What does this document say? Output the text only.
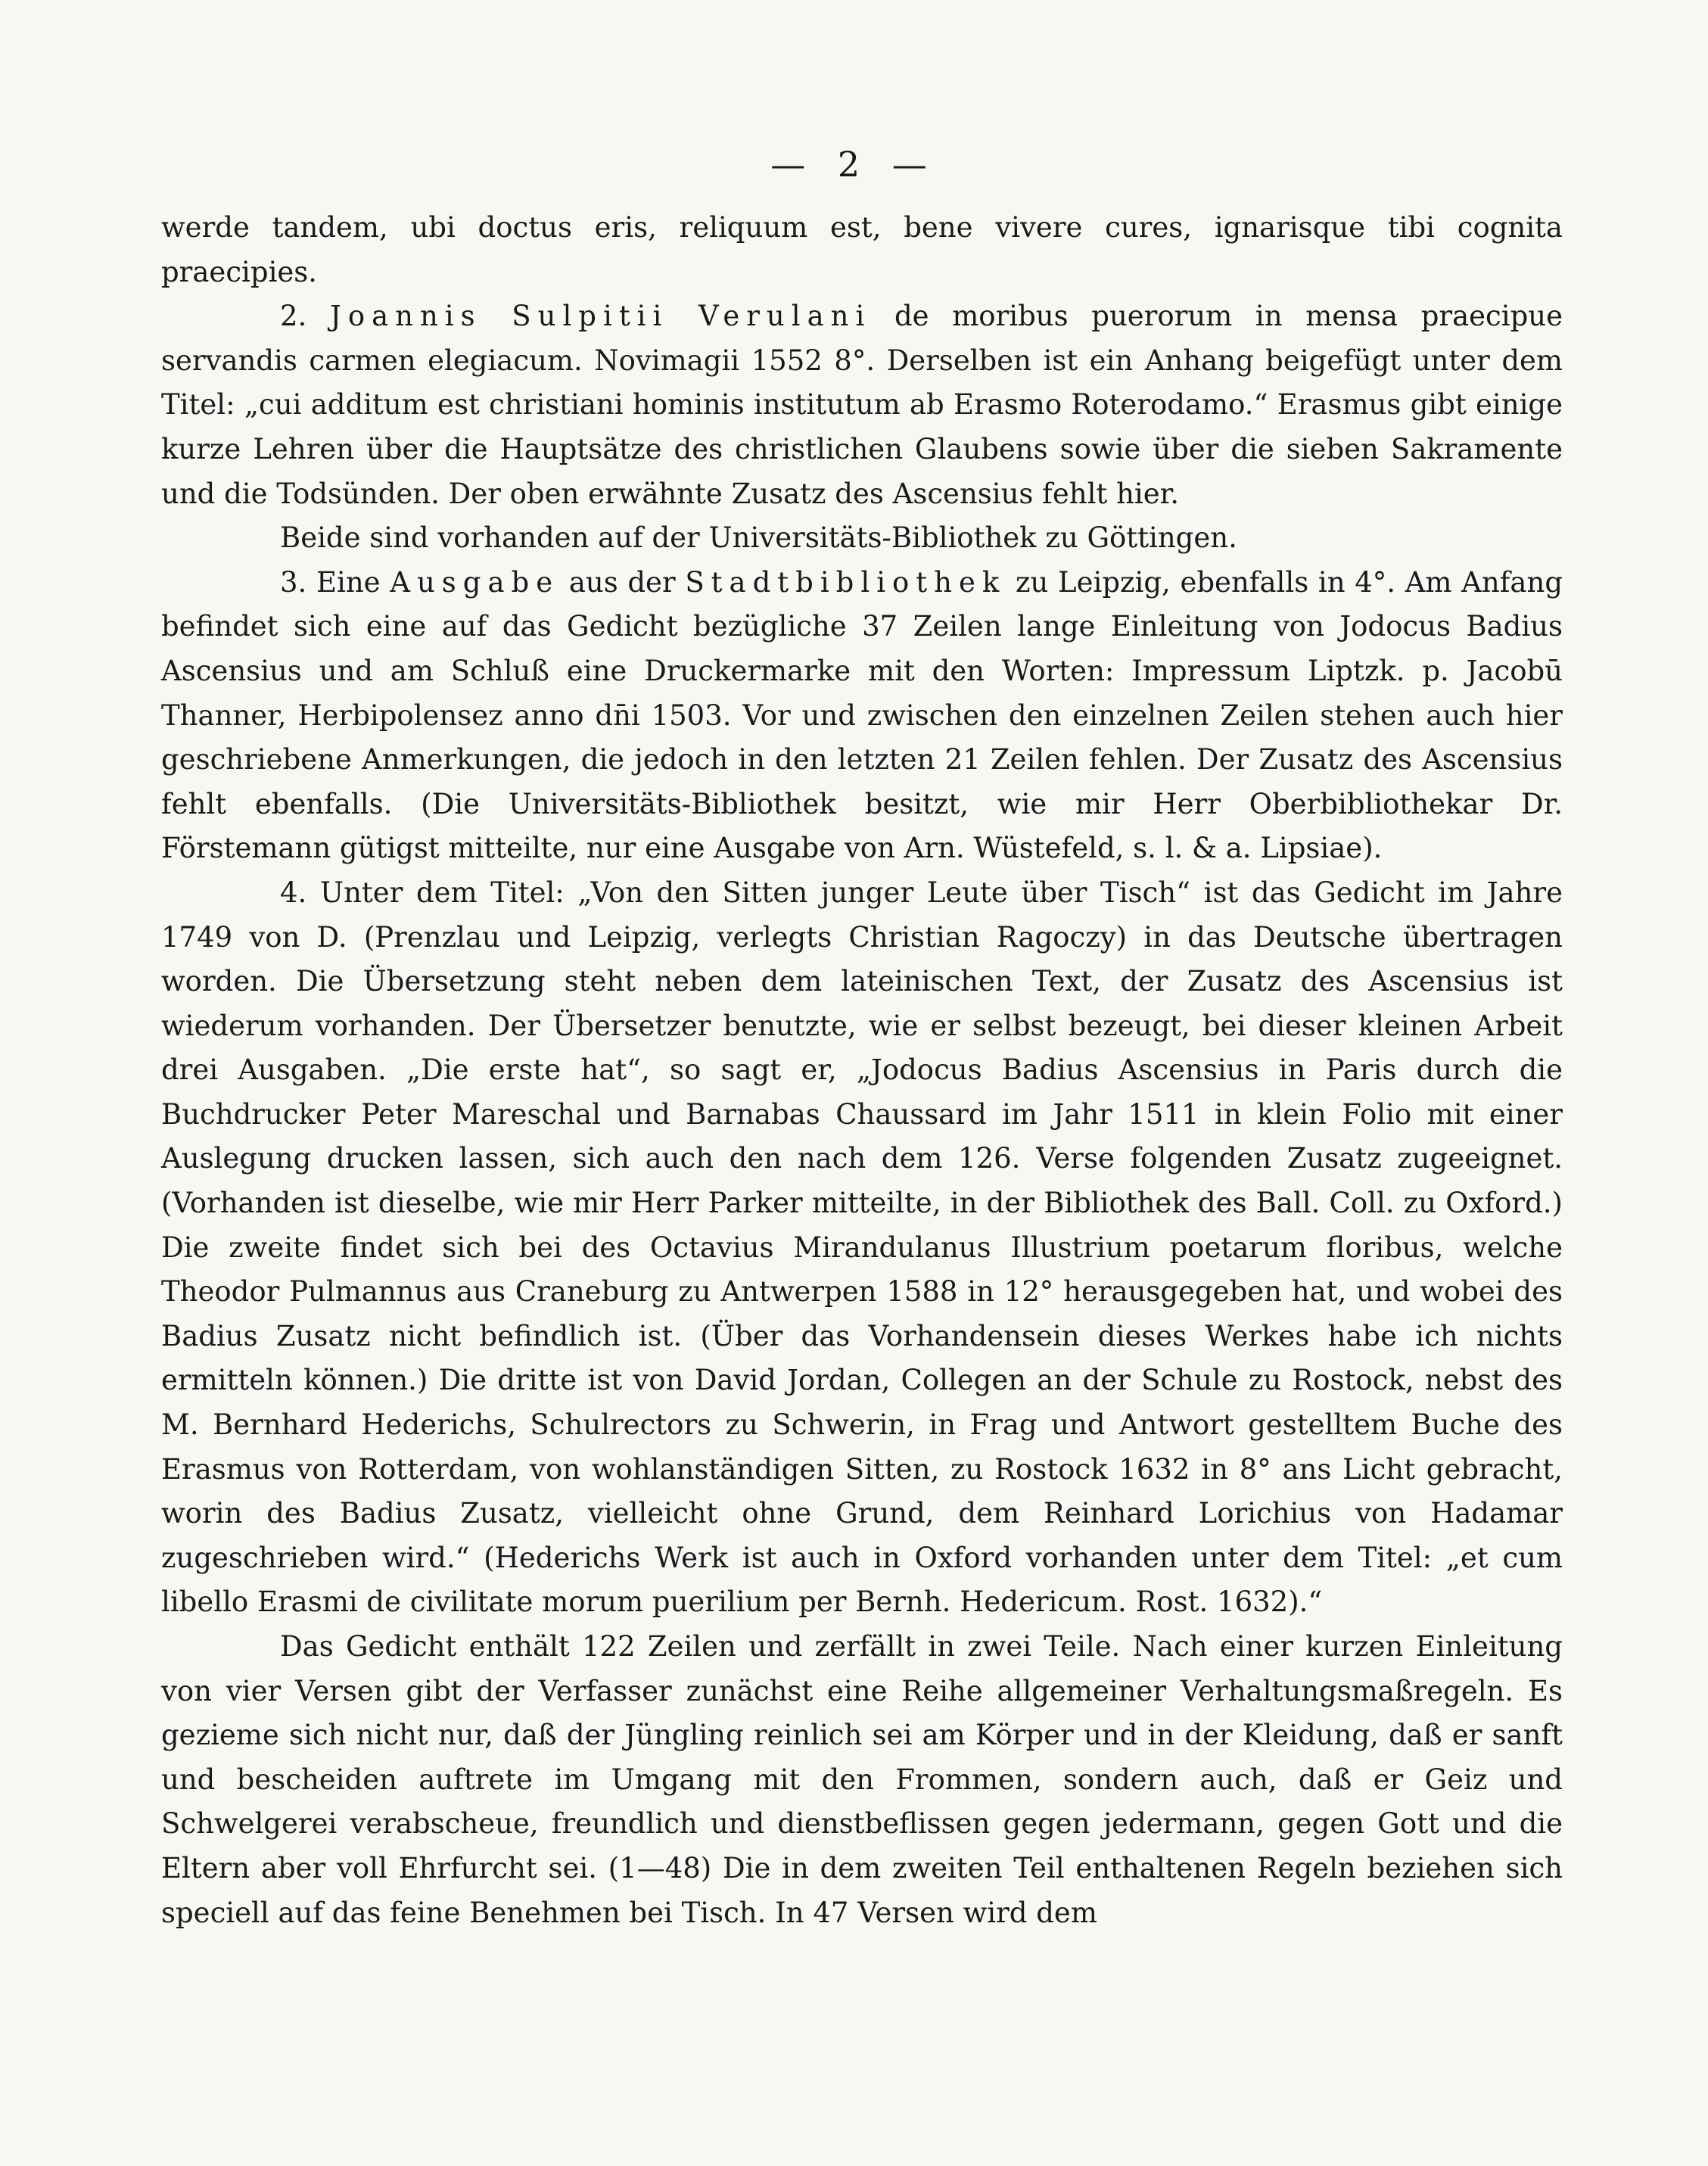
— 2 —

werde tandem, ubi doctus eris, reliquum est, bene vivere cures, ignarisque tibi cognita praecipies.

2. Joannis Sulpitii Verulani de moribus puerorum in mensa praecipue servandis carmen elegiacum. Novimagii 1552 8°. Derselben ist ein Anhang beigefügt unter dem Titel: „cui additum est christiani hominis institutum ab Erasmo Roterodamo.“ Erasmus gibt einige kurze Lehren über die Hauptsätze des christlichen Glaubens sowie über die sieben Sakramente und die Todsünden. Der oben erwähnte Zusatz des Ascensius fehlt hier.

Beide sind vorhanden auf der Universitäts-Bibliothek zu Göttingen.

3. Eine Ausgabe aus der Stadtbibliothek zu Leipzig, ebenfalls in 4°. Am Anfang befindet sich eine auf das Gedicht bezügliche 37 Zeilen lange Einleitung von Jodocus Badius Ascensius und am Schluß eine Druckermarke mit den Worten: Impressum Liptzk. p. Jacobū Thanner, Herbipolensez anno dn̄i 1503. Vor und zwischen den einzelnen Zeilen stehen auch hier geschriebene Anmerkungen, die jedoch in den letzten 21 Zeilen fehlen. Der Zusatz des Ascensius fehlt ebenfalls. (Die Universitäts-Bibliothek besitzt, wie mir Herr Oberbibliothekar Dr. Förstemann gütigst mitteilte, nur eine Ausgabe von Arn. Wüstefeld, s. l. & a. Lipsiae).

4. Unter dem Titel: „Von den Sitten junger Leute über Tisch“ ist das Gedicht im Jahre 1749 von D. (Prenzlau und Leipzig, verlegts Christian Ragoczy) in das Deutsche übertragen worden. Die Übersetzung steht neben dem lateinischen Text, der Zusatz des Ascensius ist wiederum vorhanden. Der Übersetzer benutzte, wie er selbst bezeugt, bei dieser kleinen Arbeit drei Ausgaben. „Die erste hat“, so sagt er, „Jodocus Badius Ascensius in Paris durch die Buchdrucker Peter Mareschal und Barnabas Chaussard im Jahr 1511 in klein Folio mit einer Auslegung drucken lassen, sich auch den nach dem 126. Verse folgenden Zusatz zugeeignet. (Vorhanden ist dieselbe, wie mir Herr Parker mitteilte, in der Bibliothek des Ball. Coll. zu Oxford.) Die zweite findet sich bei des Octavius Mirandulanus Illustrium poetarum floribus, welche Theodor Pulmannus aus Craneburg zu Antwerpen 1588 in 12° herausgegeben hat, und wobei des Badius Zusatz nicht befindlich ist. (Über das Vorhandensein dieses Werkes habe ich nichts ermitteln können.) Die dritte ist von David Jordan, Collegen an der Schule zu Rostock, nebst des M. Bernhard Hederichs, Schulrectors zu Schwerin, in Frag und Antwort gestelltem Buche des Erasmus von Rotterdam, von wohlanständigen Sitten, zu Rostock 1632 in 8° ans Licht gebracht, worin des Badius Zusatz, vielleicht ohne Grund, dem Reinhard Lorichius von Hadamar zugeschrieben wird.“ (Hederichs Werk ist auch in Oxford vorhanden unter dem Titel: „et cum libello Erasmi de civilitate morum puerilium per Bernh. Hedericum. Rost. 1632).“

Das Gedicht enthält 122 Zeilen und zerfällt in zwei Teile. Nach einer kurzen Einleitung von vier Versen gibt der Verfasser zunächst eine Reihe allgemeiner Verhaltungsmaßregeln. Es gezieme sich nicht nur, daß der Jüngling reinlich sei am Körper und in der Kleidung, daß er sanft und bescheiden auftrete im Umgang mit den Frommen, sondern auch, daß er Geiz und Schwelgerei verabscheue, freundlich und dienstbeflissen gegen jedermann, gegen Gott und die Eltern aber voll Ehrfurcht sei. (1—48) Die in dem zweiten Teil enthaltenen Regeln beziehen sich speciell auf das feine Benehmen bei Tisch. In 47 Versen wird dem
